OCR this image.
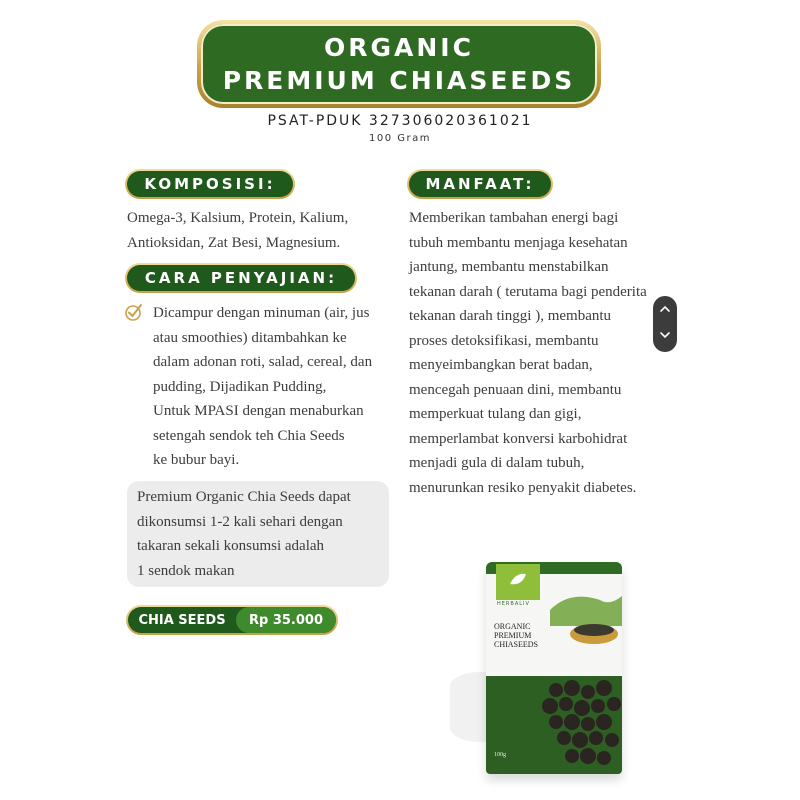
ORGANIC
PREMIUM CHIASEEDS
PSAT-PDUK 327306020361021
100 Gram
KOMPOSISI:
Omega-3, Kalsium, Protein, Kalium,
Antioksidan, Zat Besi, Magnesium.
CARA PENYAJIAN:
Dicampur dengan minuman (air, jus
atau smoothies) ditambahkan ke
dalam adonan roti, salad, cereal, dan
pudding, Dijadikan Pudding,
Untuk MPASI dengan menaburkan
setengah sendok teh Chia Seeds
ke bubur bayi.
Premium Organic Chia Seeds dapat
dikonsumsi 1-2 kali sehari dengan
takaran sekali konsumsi adalah
1 sendok makan
CHIA SEEDS	Rp 35.000
MANFAAT:
Memberikan tambahan energi bagi
tubuh membantu menjaga kesehatan
jantung, membantu menstabilkan
tekanan darah ( terutama bagi penderita
tekanan darah tinggi ), membantu
proses detoksifikasi, membantu
menyeimbangkan berat badan,
mencegah penuaan dini, membantu
memperkuat tulang dan gigi,
memperlambat konversi karbohidrat
menjadi gula di dalam tubuh,
menurunkan resiko penyakit diabetes.
HERBALIV
ORGANIC
PREMIUM
CHIASEEDS
100g
